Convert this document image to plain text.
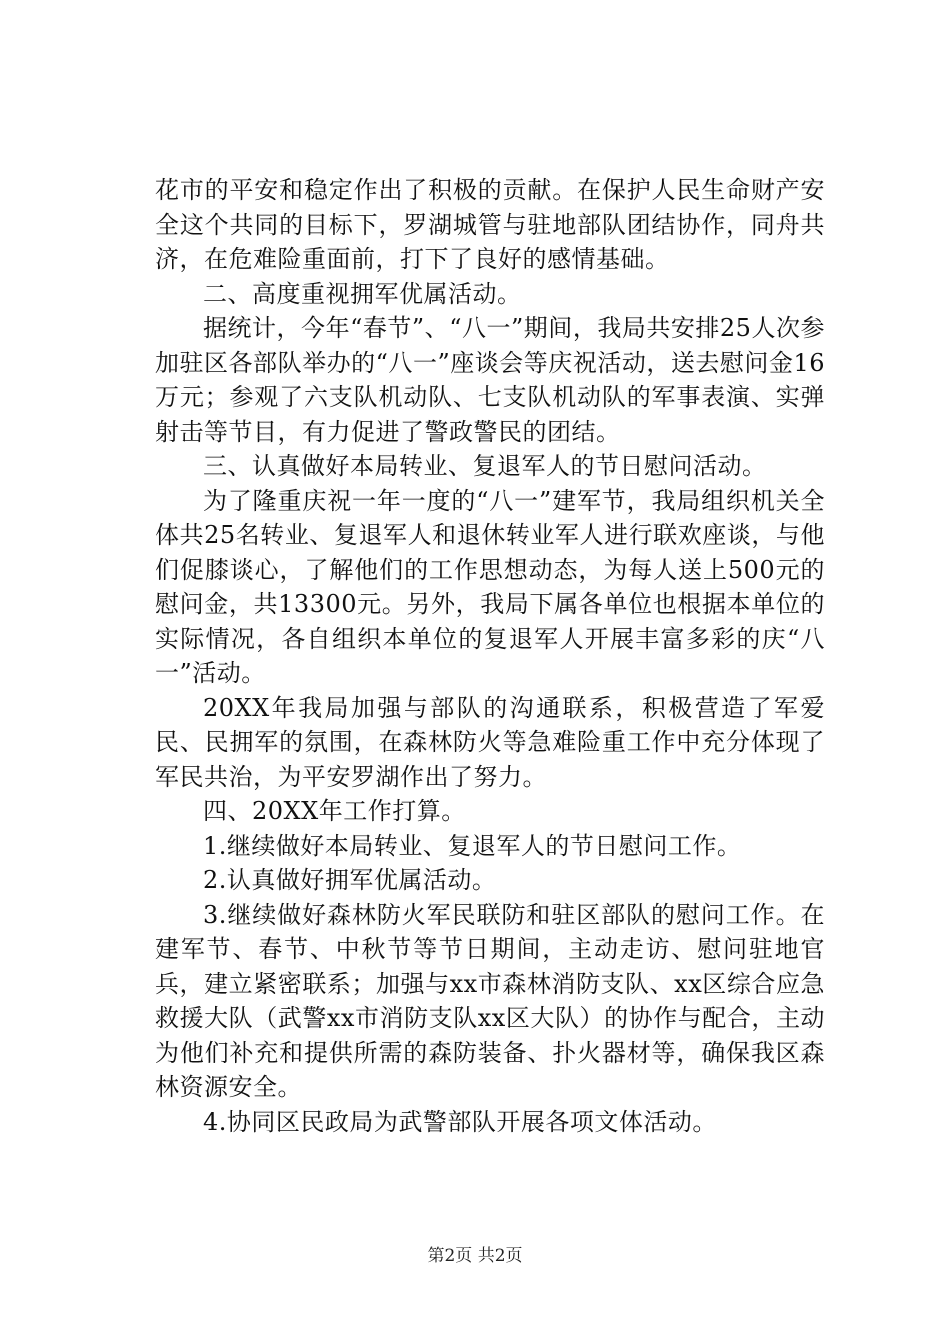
花市的平安和稳定作出了积极的贡献。在保护人民生命财产安全这个共同的目标下，罗湖城管与驻地部队团结协作，同舟共济，在危难险重面前，打下了良好的感情基础。

二、高度重视拥军优属活动。

据统计，今年“春节”、“八一”期间，我局共安排25人次参加驻区各部队举办的“八一”座谈会等庆祝活动，送去慰问金16万元；参观了六支队机动队、七支队机动队的军事表演、实弹射击等节目，有力促进了警政警民的团结。

三、认真做好本局转业、复退军人的节日慰问活动。

为了隆重庆祝一年一度的“八一”建军节，我局组织机关全体共25名转业、复退军人和退休转业军人进行联欢座谈，与他们促膝谈心，了解他们的工作思想动态，为每人送上500元的慰问金，共13300元。另外，我局下属各单位也根据本单位的实际情况，各自组织本单位的复退军人开展丰富多彩的庆“八一”活动。

20XX年我局加强与部队的沟通联系，积极营造了军爱民、民拥军的氛围，在森林防火等急难险重工作中充分体现了军民共治，为平安罗湖作出了努力。

四、20XX年工作打算。

1.继续做好本局转业、复退军人的节日慰问工作。

2.认真做好拥军优属活动。

3.继续做好森林防火军民联防和驻区部队的慰问工作。在建军节、春节、中秋节等节日期间，主动走访、慰问驻地官兵，建立紧密联系；加强与xx市森林消防支队、xx区综合应急救援大队（武警xx市消防支队xx区大队）的协作与配合，主动为他们补充和提供所需的森防装备、扑火器材等，确保我区森林资源安全。

4.协同区民政局为武警部队开展各项文体活动。

第2页 共2页
